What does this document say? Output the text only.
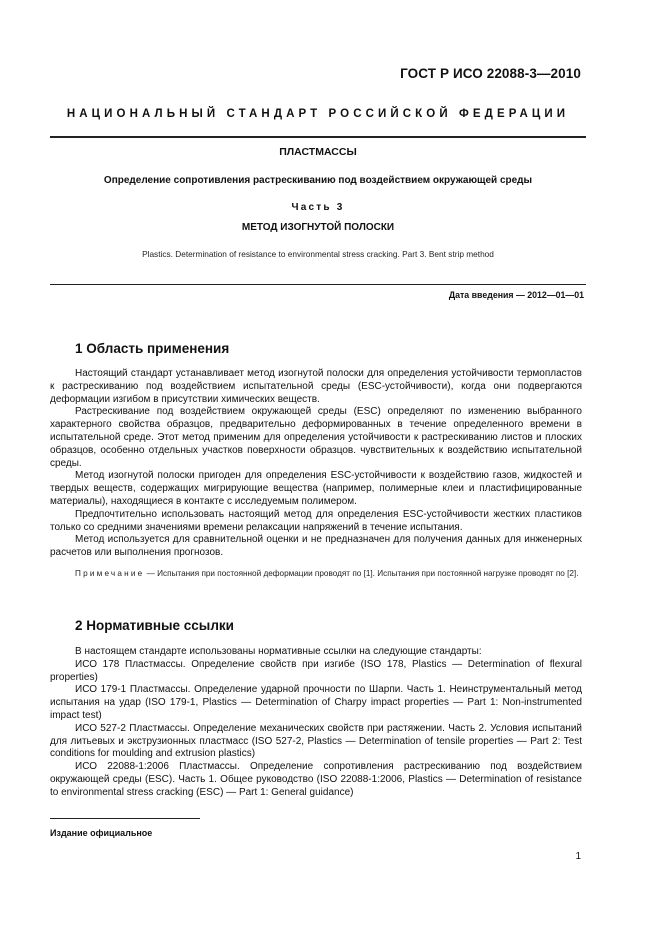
ГОСТ Р ИСО 22088-3—2010
НАЦИОНАЛЬНЫЙ СТАНДАРТ РОССИЙСКОЙ ФЕДЕРАЦИИ
ПЛАСТМАССЫ
Определение сопротивления растрескиванию под воздействием окружающей среды
Часть 3
МЕТОД ИЗОГНУТОЙ ПОЛОСКИ
Plastics. Determination of resistance to environmental stress cracking. Part 3. Bent strip method
Дата введения — 2012—01—01
1 Область применения

Настоящий стандарт устанавливает метод изогнутой полоски для определения устойчивости термопластов к растрескиванию под воздействием испытательной среды (ESC-устойчивости), когда они подвергаются деформации изгибом в присутствии химических веществ.

Растрескивание под воздействием окружающей среды (ESC) определяют по изменению выбранного характерного свойства образцов, предварительно деформированных в течение определенного времени в испытательной среде. Этот метод применим для определения устойчивости к растрескиванию листов и плоских образцов, особенно отдельных участков поверхности образцов. чувствительных к воздействию испытательной среды.

Метод изогнутой полоски пригоден для определения ESC-устойчивости к воздействию газов, жидкостей и твердых веществ, содержащих мигрирующие вещества (например, полимерные клеи и пластифицированные материалы), находящиеся в контакте с исследуемым полимером.

Предпочтительно использовать настоящий метод для определения ESC-устойчивости жестких пластиков только со средними значениями времени релаксации напряжений в течение испытания.

Метод используется для сравнительной оценки и не предназначен для получения данных для инженерных расчетов или выполнения прогнозов.

Примечание — Испытания при постоянной деформации проводят по [1]. Испытания при постоянной нагрузке проводят по [2].

2 Нормативные ссылки

В настоящем стандарте использованы нормативные ссылки на следующие стандарты:

ИСО 178 Пластмассы. Определение свойств при изгибе (ISO 178, Plastics — Determination of flexural properties)

ИСО 179-1 Пластмассы. Определение ударной прочности по Шарпи. Часть 1. Неинструментальный метод испытания на удар (ISO 179-1, Plastics — Determination of Charpy impact properties — Part 1: Non-instrumented impact test)

ИСО 527-2 Пластмассы. Определение механических свойств при растяжении. Часть 2. Условия испытаний для литьевых и экструзионных пластмасс (ISO 527-2, Plastics — Determination of tensile properties — Part 2: Test conditions for moulding and extrusion plastics)

ИСО 22088-1:2006 Пластмассы. Определение сопротивления растрескиванию под воздействием окружающей среды (ESC). Часть 1. Общее руководство (ISO 22088-1:2006, Plastics — Determination of resistance to environmental stress cracking (ESC) — Part 1: General guidance)

Издание официальное
1
